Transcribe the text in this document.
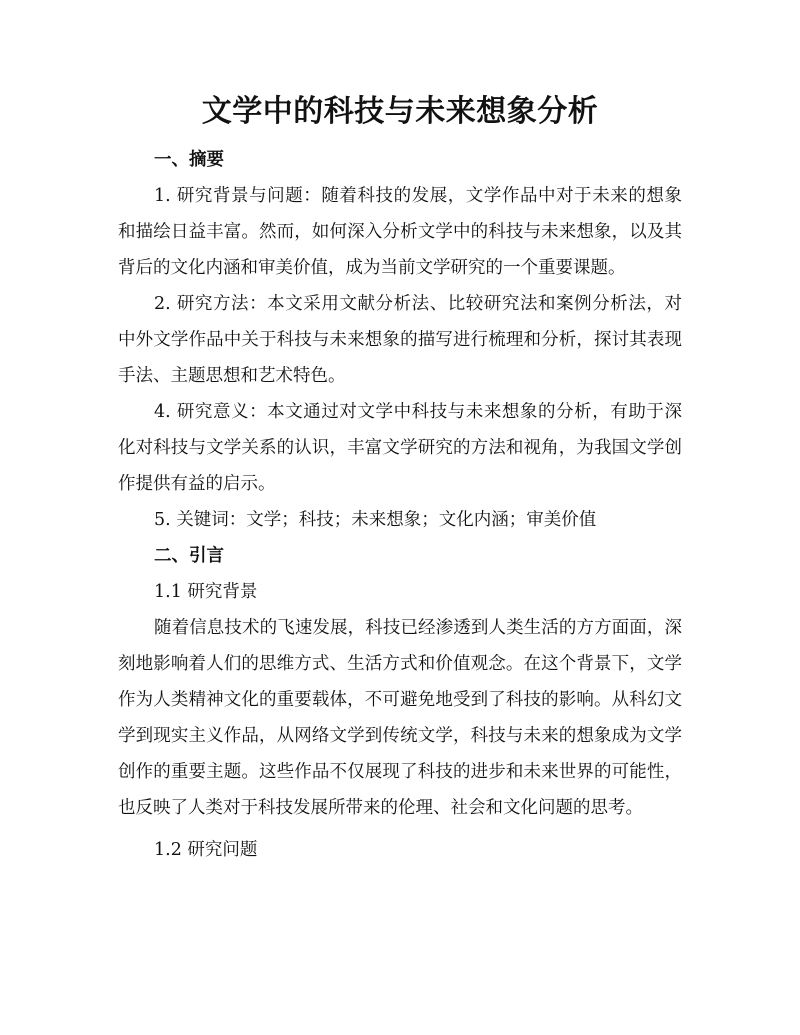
文学中的科技与未来想象分析
一、摘要

1. 研究背景与问题：随着科技的发展，文学作品中对于未来的想象和描绘日益丰富。然而，如何深入分析文学中的科技与未来想象，以及其背后的文化内涵和审美价值，成为当前文学研究的一个重要课题。

2. 研究方法：本文采用文献分析法、比较研究法和案例分析法，对中外文学作品中关于科技与未来想象的描写进行梳理和分析，探讨其表现手法、主题思想和艺术特色。

4. 研究意义：本文通过对文学中科技与未来想象的分析，有助于深化对科技与文学关系的认识，丰富文学研究的方法和视角，为我国文学创作提供有益的启示。

5. 关键词：文学；科技；未来想象；文化内涵；审美价值

二、引言
1.1 研究背景

随着信息技术的飞速发展，科技已经渗透到人类生活的方方面面，深刻地影响着人们的思维方式、生活方式和价值观念。在这个背景下，文学作为人类精神文化的重要载体，不可避免地受到了科技的影响。从科幻文学到现实主义作品，从网络文学到传统文学，科技与未来的想象成为文学创作的重要主题。这些作品不仅展现了科技的进步和未来世界的可能性，也反映了人类对于科技发展所带来的伦理、社会和文化问题的思考。

1.2 研究问题
